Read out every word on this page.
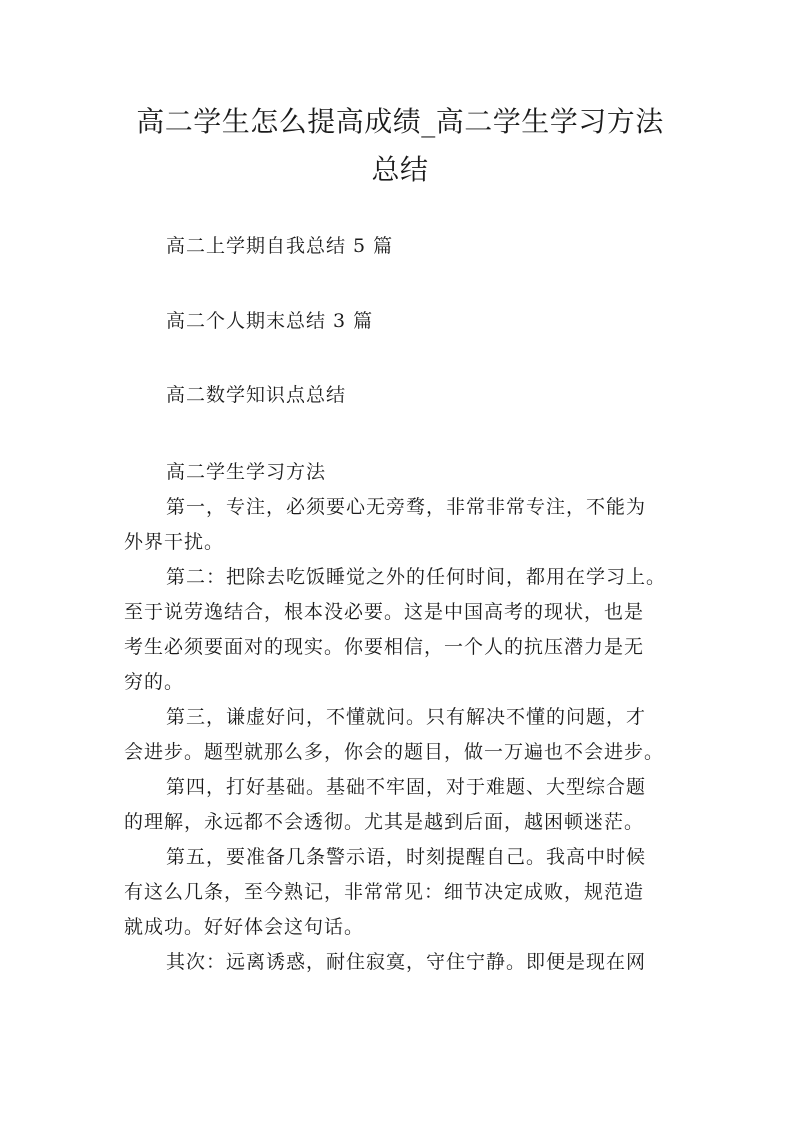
高二学生怎么提高成绩_高二学生学习方法
总结

高二上学期自我总结 5 篇

高二个人期末总结 3 篇

高二数学知识点总结

高二学生学习方法
第一，专注，必须要心无旁骛，非常非常专注，不能为
外界干扰。
第二：把除去吃饭睡觉之外的任何时间，都用在学习上。
至于说劳逸结合，根本没必要。这是中国高考的现状，也是
考生必须要面对的现实。你要相信，一个人的抗压潜力是无
穷的。
第三，谦虚好问，不懂就问。只有解决不懂的问题，才
会进步。题型就那么多，你会的题目，做一万遍也不会进步。
第四，打好基础。基础不牢固，对于难题、大型综合题
的理解，永远都不会透彻。尤其是越到后面，越困顿迷茫。
第五，要准备几条警示语，时刻提醒自己。我高中时候
有这么几条，至今熟记，非常常见：细节决定成败，规范造
就成功。好好体会这句话。
其次：远离诱惑，耐住寂寞，守住宁静。即便是现在网
